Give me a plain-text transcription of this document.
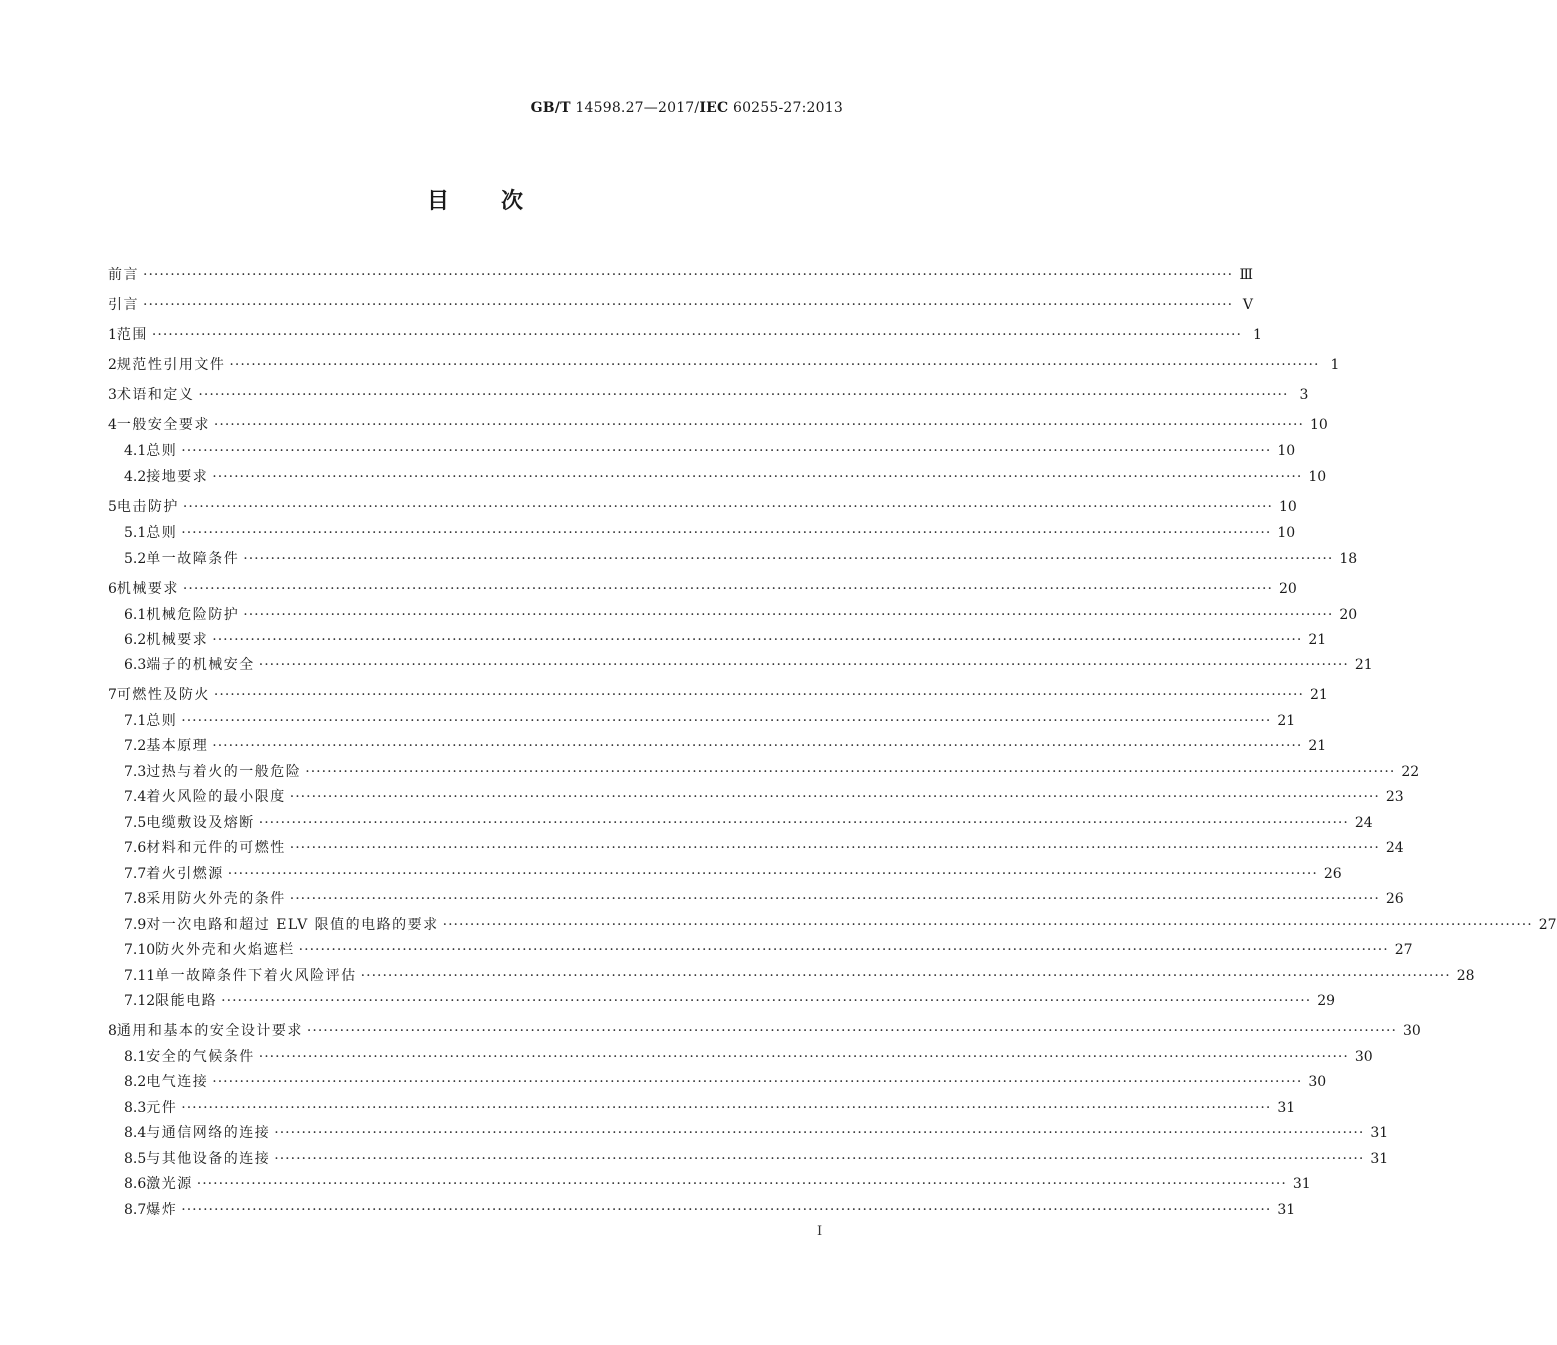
GB/T 14598.27—2017/IEC 60255-27:2013
目 次
前言 ········································································································································································································ Ⅲ
引言 ········································································································································································································ Ⅴ
1 范围 ········································································································································································································ 1
2 规范性引用文件 ········································································································································································································ 1
3 术语和定义 ········································································································································································································ 3
4 一般安全要求 ········································································································································································································ 10
4.1 总则 ········································································································································································································ 10
4.2 接地要求 ········································································································································································································ 10
5 电击防护 ········································································································································································································ 10
5.1 总则 ········································································································································································································ 10
5.2 单一故障条件 ········································································································································································································ 18
6 机械要求 ········································································································································································································ 20
6.1 机械危险防护 ········································································································································································································ 20
6.2 机械要求 ········································································································································································································ 21
6.3 端子的机械安全 ········································································································································································································ 21
7 可燃性及防火 ········································································································································································································ 21
7.1 总则 ········································································································································································································ 21
7.2 基本原理 ········································································································································································································ 21
7.3 过热与着火的一般危险 ········································································································································································································ 22
7.4 着火风险的最小限度 ········································································································································································································ 23
7.5 电缆敷设及熔断 ········································································································································································································ 24
7.6 材料和元件的可燃性 ········································································································································································································ 24
7.7 着火引燃源 ········································································································································································································ 26
7.8 采用防火外壳的条件 ········································································································································································································ 26
7.9 对一次电路和超过 ELV 限值的电路的要求 ········································································································································································································ 27
7.10 防火外壳和火焰遮栏 ········································································································································································································ 27
7.11 单一故障条件下着火风险评估 ········································································································································································································ 28
7.12 限能电路 ········································································································································································································ 29
8 通用和基本的安全设计要求 ········································································································································································································ 30
8.1 安全的气候条件 ········································································································································································································ 30
8.2 电气连接 ········································································································································································································ 30
8.3 元件 ········································································································································································································ 31
8.4 与通信网络的连接 ········································································································································································································ 31
8.5 与其他设备的连接 ········································································································································································································ 31
8.6 激光源 ········································································································································································································ 31
8.7 爆炸 ········································································································································································································ 31
Ⅰ
